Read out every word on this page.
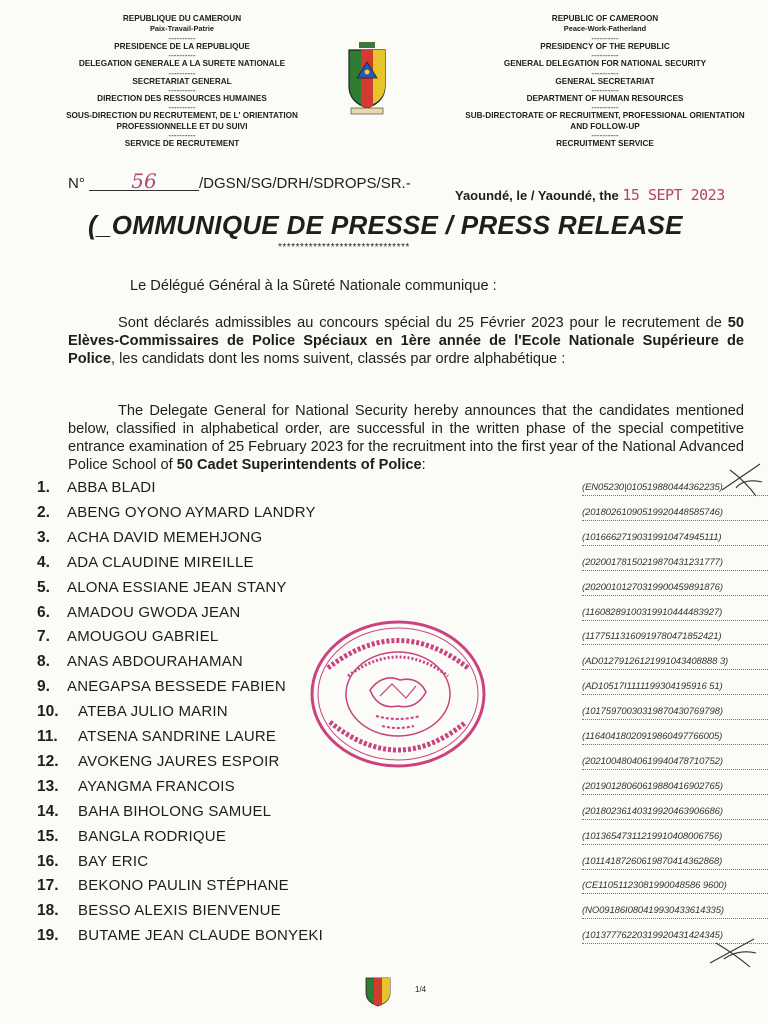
REPUBLIQUE DU CAMEROUN
Paix-Travail-Patrie
----------
PRESIDENCE DE LA REPUBLIQUE
----------
DELEGATION GENERALE A LA SURETE NATIONALE
----------
SECRETARIAT GENERAL
----------
DIRECTION DES RESSOURCES HUMAINES
----------
SOUS-DIRECTION DU RECRUTEMENT, DE L' ORIENTATION PROFESSIONNELLE ET DU SUIVI
----------
SERVICE DE RECRUTEMENT
REPUBLIC OF CAMEROON
Peace-Work-Fatherland
----------
PRESIDENCY OF THE REPUBLIC
----------
GENERAL DELEGATION FOR NATIONAL SECURITY
----------
GENERAL SECRETARIAT
----------
DEPARTMENT OF HUMAN RESOURCES
----------
SUB-DIRECTORATE OF RECRUITMENT, PROFESSIONAL ORIENTATION AND FOLLOW-UP
----------
RECRUITMENT SERVICE
N° 56	/DGSN/SG/DRH/SDROPS/SR.-
Yaoundé, le / Yaoundé, the 15 SEPT 2023
(_OMMUNIQUE DE PRESSE / PRESS RELEASE
******************************
Le Délégué Général à la Sûreté Nationale communique :
Sont déclarés admissibles au concours spécial du 25 Février 2023 pour le recrutement de 50 Elèves-Commissaires de Police Spéciaux en 1ère année de l'Ecole Nationale Supérieure de Police, les candidats dont les noms suivent, classés par ordre alphabétique :
The Delegate General for National Security hereby announces that the candidates mentioned below, classified in alphabetical order, are successful in the written phase of the special competitive entrance examination of 25 February 2023 for the recruitment into the first year of the National Advanced Police School of 50 Cadet Superintendents of Police:
1. ABBA BLADI	(EN05230|010519880444362235)
2. ABENG OYONO AYMARD LANDRY	(20180261090519920448585746)
3. ACHA DAVID MEMEHJONG	(10166627190319910474945111)
4. ADA CLAUDINE MIREILLE	(20200178150219870431231777)
5. ALONA ESSIANE JEAN STANY	(20200101270319900459891876)
6. AMADOU GWODA JEAN	(11608289100319910444483927)
7. AMOUGOU GABRIEL	(11775113160919780471852421)
8. ANAS ABDOURAHAMAN	(AD01279126121991043408888 3)
9. ANEGAPSA BESSEDE FABIEN	(AD10517I1111199304195916 51)
10. ATEBA JULIO MARIN	(10175970030319870430769798)
11. ATSENA SANDRINE LAURE	(11640418020919860497766005)
12. AVOKENG JAURES ESPOIR	(20210048040619940478710752)
13. AYANGMA FRANCOIS	(20190128060619880416902765)
14. BAHA BIHOLONG SAMUEL	(20180236140319920463906686)
15. BANGLA RODRIQUE	(10136547311219910408006756)
16. BAY ERIC	(10114187260619870414362868)
17. BEKONO PAULIN STÉPHANE	(CE11051123081990048586 9600)
18. BESSO ALEXIS BIENVENUE	(NO09186I080419930433614335)
19. BUTAME JEAN CLAUDE BONYEKI	(10137776220319920431424345)
1/4
